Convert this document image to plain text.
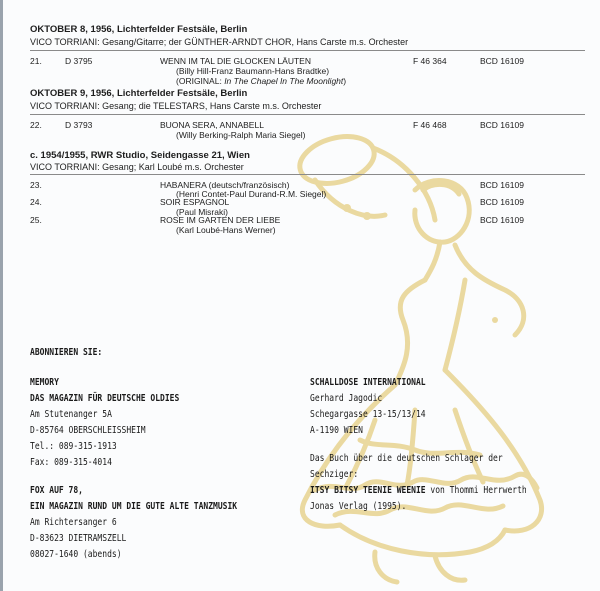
OKTOBER 8, 1956, Lichterfelder Festsäle, Berlin
VICO TORRIANI: Gesang/Gitarre; der GÜNTHER-ARNDT CHOR, Hans Carste m.s. Orchester
21.	D 3795	WENN IM TAL DIE GLOCKEN LÄUTEN	F 46 364	BCD 16109
(Billy Hill-Franz Baumann-Hans Bradtke)
(ORIGINAL: In The Chapel In The Moonlight)
OKTOBER 9, 1956, Lichterfelder Festsäle, Berlin
VICO TORRIANI: Gesang; die TELESTARS, Hans Carste m.s. Orchester
22.	D 3793	BUONA SERA, ANNABELL	F 46 468	BCD 16109
(Willy Berking-Ralph Maria Siegel)
c. 1954/1955, RWR Studio, Seidengasse 21, Wien
VICO TORRIANI: Gesang; Karl Loubé m.s. Orchester
23.	HABANERA (deutsch/französisch)	BCD 16109
(Henri Contet-Paul Durand-R.M. Siegel)
24.	SOIR ESPAGNOL	BCD 16109
(Paul Misraki)
25.	ROSE IM GARTEN DER LIEBE	BCD 16109
(Karl Loubé-Hans Werner)
ABONNIEREN SIE:
MEMORY
DAS MAGAZIN FÜR DEUTSCHE OLDIES
Am Stutenanger 5A
D-85764 OBERSCHLEISSHEIM
Tel.: 089-315-1913
Fax: 089-315-4014
FOX AUF 78,
EIN MAGAZIN RUND UM DIE GUTE ALTE TANZMUSIK
Am Richtersanger 6
D-83623 DIETRAMSZELL
08027-1640 (abends)
SCHALLDOSE INTERNATIONAL
Gerhard Jagodic
Schegargasse 13-15/13/14
A-1190 WIEN
Das Buch über die deutschen Schlager der
Sechziger:
ITSY BITSY TEENIE WEENIE von Thommi Herrwerth
Jonas Verlag (1995).
